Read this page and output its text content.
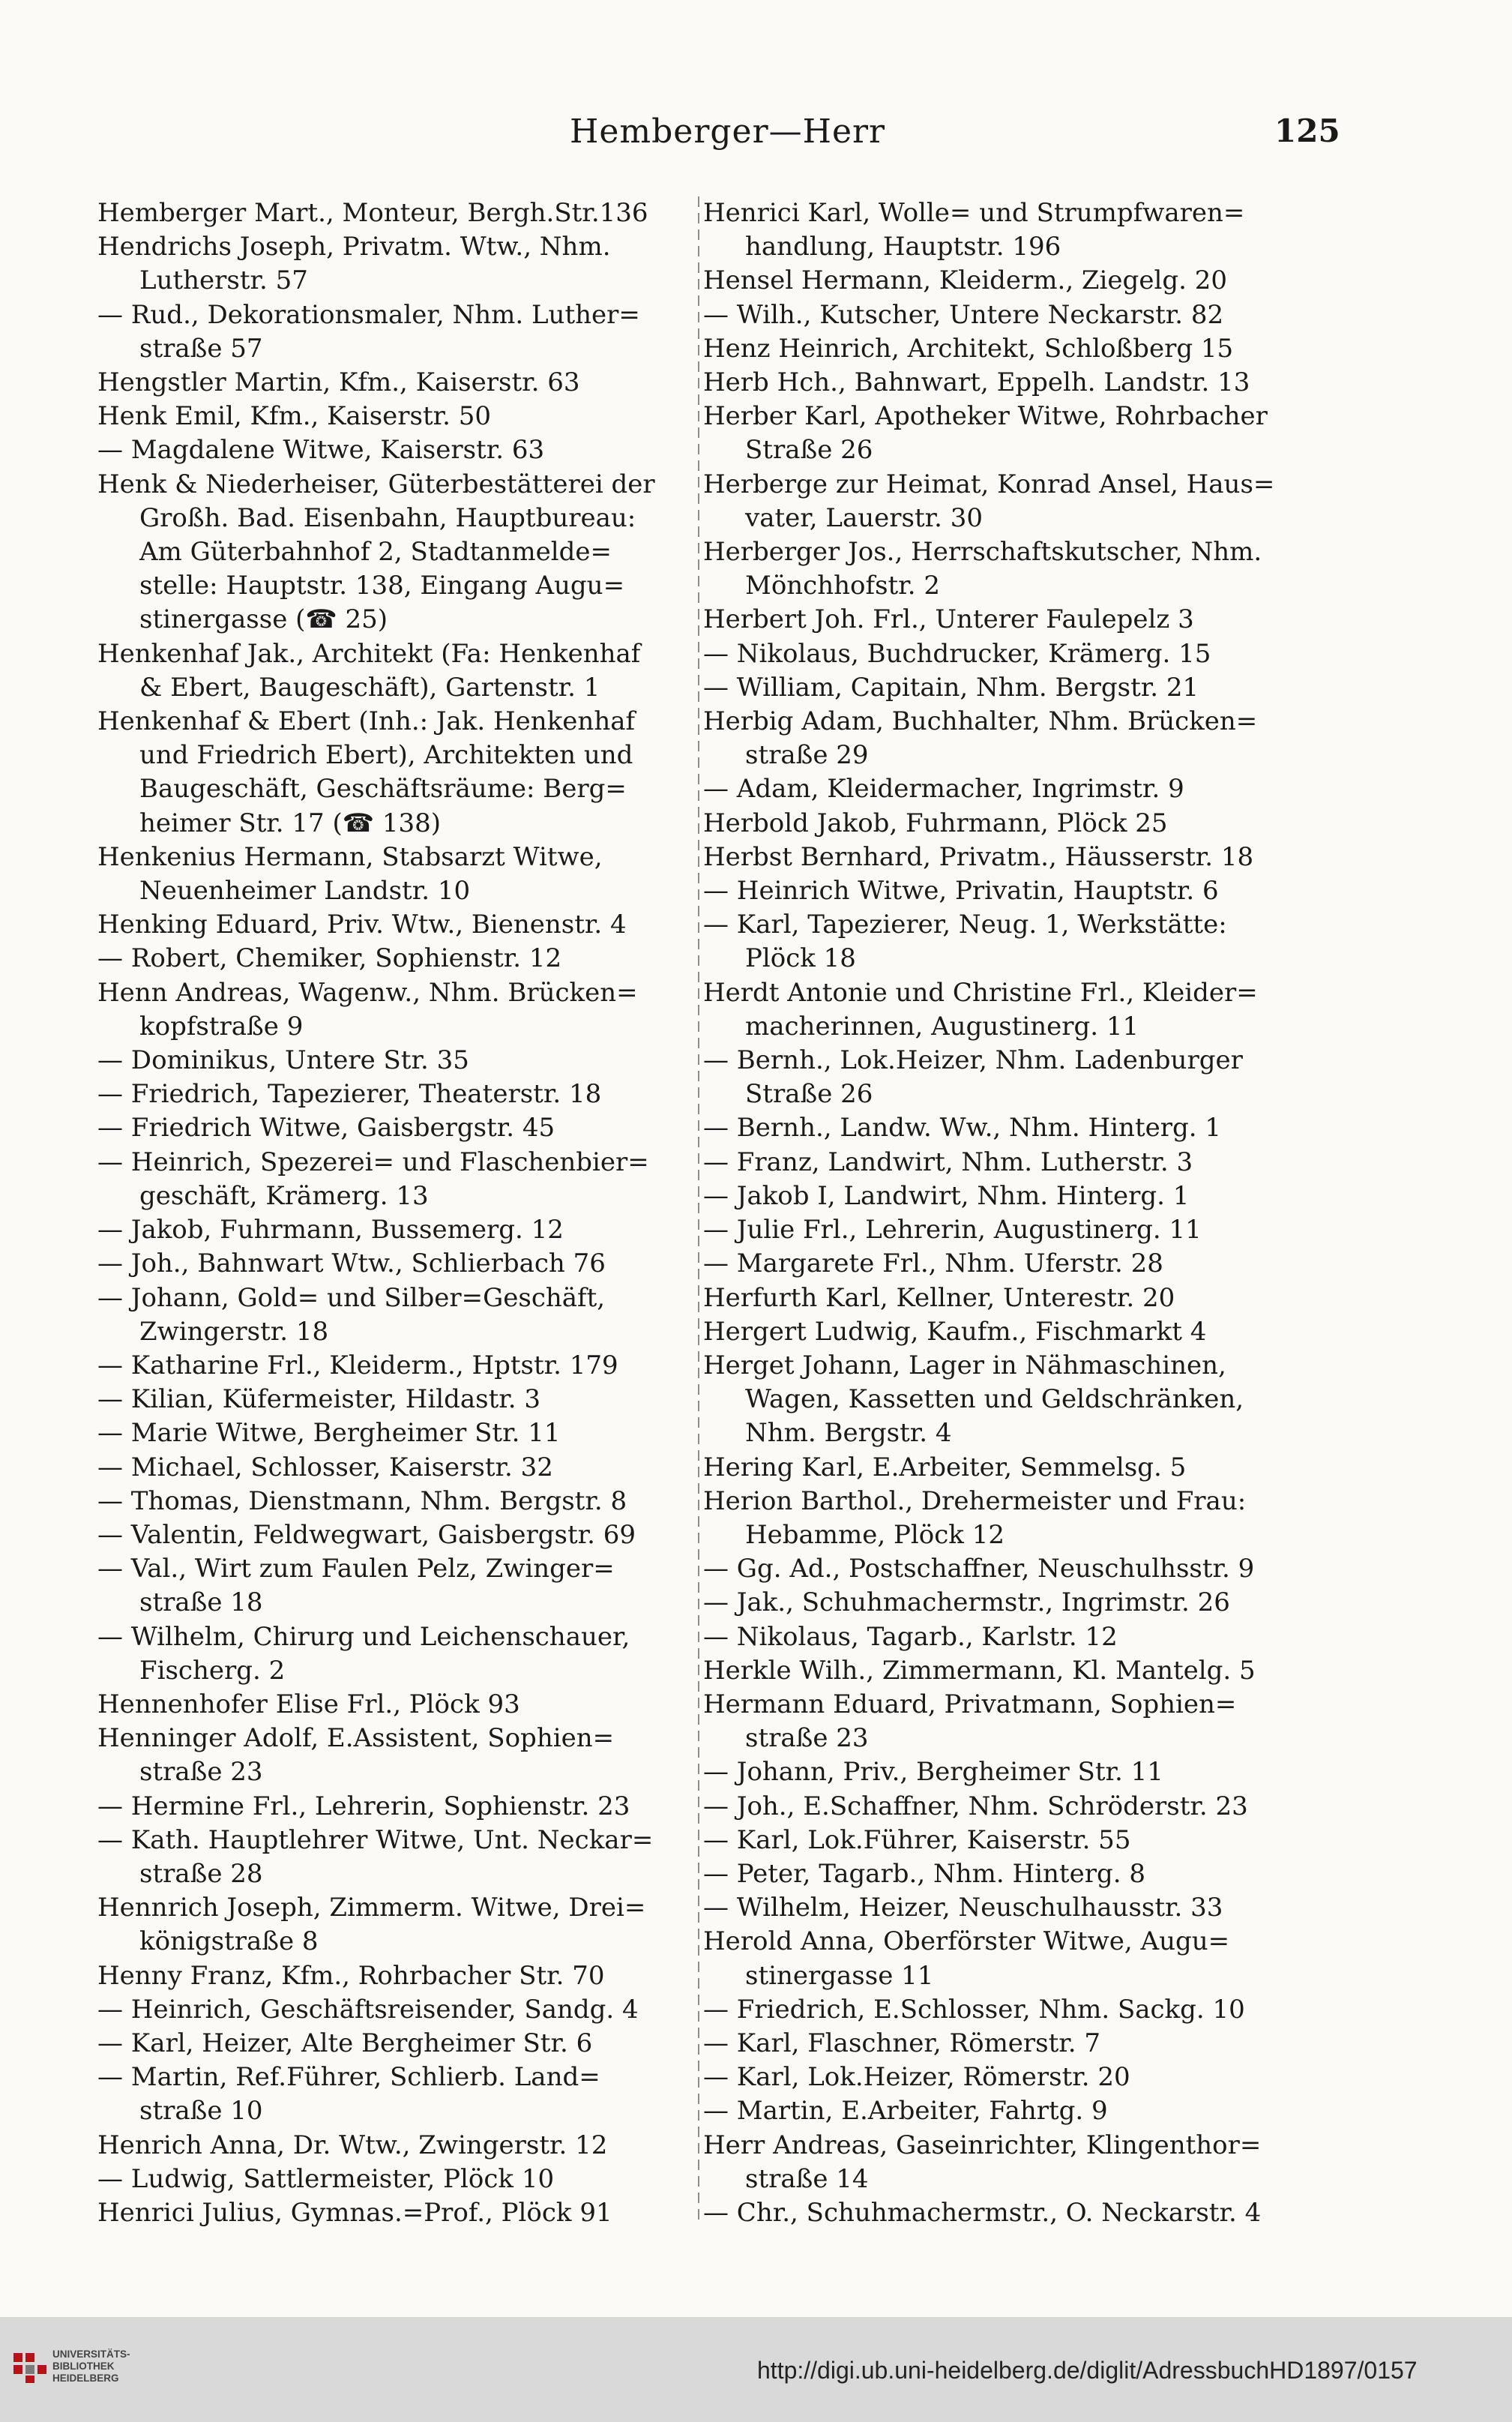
Hemberger—Herr	125
Hemberger Mart., Monteur, Bergh.Str.136
Hendrichs Joseph, Privatm. Wtw., Nhm.
Lutherstr. 57
— Rud., Dekorationsmaler, Nhm. Luther=
straße 57
Hengstler Martin, Kfm., Kaiserstr. 63
Henk Emil, Kfm., Kaiserstr. 50
— Magdalene Witwe, Kaiserstr. 63
Henk & Niederheiser, Güterbestätterei der
Großh. Bad. Eisenbahn, Hauptbureau:
Am Güterbahnhof 2, Stadtanmelde=
stelle: Hauptstr. 138, Eingang Augu=
stinergasse (☎ 25)
Henkenhaf Jak., Architekt (Fa: Henkenhaf
& Ebert, Baugeschäft), Gartenstr. 1
Henkenhaf & Ebert (Inh.: Jak. Henkenhaf
und Friedrich Ebert), Architekten und
Baugeschäft, Geschäftsräume: Berg=
heimer Str. 17 (☎ 138)
Henkenius Hermann, Stabsarzt Witwe,
Neuenheimer Landstr. 10
Henking Eduard, Priv. Wtw., Bienenstr. 4
— Robert, Chemiker, Sophienstr. 12
Henn Andreas, Wagenw., Nhm. Brücken=
kopfstraße 9
— Dominikus, Untere Str. 35
— Friedrich, Tapezierer, Theaterstr. 18
— Friedrich Witwe, Gaisbergstr. 45
— Heinrich, Spezerei= und Flaschenbier=
geschäft, Krämerg. 13
— Jakob, Fuhrmann, Bussemerg. 12
— Joh., Bahnwart Wtw., Schlierbach 76
— Johann, Gold= und Silber=Geschäft,
Zwingerstr. 18
— Katharine Frl., Kleiderm., Hptstr. 179
— Kilian, Küfermeister, Hildastr. 3
— Marie Witwe, Bergheimer Str. 11
— Michael, Schlosser, Kaiserstr. 32
— Thomas, Dienstmann, Nhm. Bergstr. 8
— Valentin, Feldwegwart, Gaisbergstr. 69
— Val., Wirt zum Faulen Pelz, Zwinger=
straße 18
— Wilhelm, Chirurg und Leichenschauer,
Fischerg. 2
Hennenhofer Elise Frl., Plöck 93
Henninger Adolf, E.Assistent, Sophien=
straße 23
— Hermine Frl., Lehrerin, Sophienstr. 23
— Kath. Hauptlehrer Witwe, Unt. Neckar=
straße 28
Hennrich Joseph, Zimmerm. Witwe, Drei=
königstraße 8
Henny Franz, Kfm., Rohrbacher Str. 70
— Heinrich, Geschäftsreisender, Sandg. 4
— Karl, Heizer, Alte Bergheimer Str. 6
— Martin, Ref.Führer, Schlierb. Land=
straße 10
Henrich Anna, Dr. Wtw., Zwingerstr. 12
— Ludwig, Sattlermeister, Plöck 10
Henrici Julius, Gymnas.=Prof., Plöck 91
Henrici Karl, Wolle= und Strumpfwaren=
handlung, Hauptstr. 196
Hensel Hermann, Kleiderm., Ziegelg. 20
— Wilh., Kutscher, Untere Neckarstr. 82
Henz Heinrich, Architekt, Schloßberg 15
Herb Hch., Bahnwart, Eppelh. Landstr. 13
Herber Karl, Apotheker Witwe, Rohrbacher
Straße 26
Herberge zur Heimat, Konrad Ansel, Haus=
vater, Lauerstr. 30
Herberger Jos., Herrschaftskutscher, Nhm.
Mönchhofstr. 2
Herbert Joh. Frl., Unterer Faulepelz 3
— Nikolaus, Buchdrucker, Krämerg. 15
— William, Capitain, Nhm. Bergstr. 21
Herbig Adam, Buchhalter, Nhm. Brücken=
straße 29
— Adam, Kleidermacher, Ingrimstr. 9
Herbold Jakob, Fuhrmann, Plöck 25
Herbst Bernhard, Privatm., Häusserstr. 18
— Heinrich Witwe, Privatin, Hauptstr. 6
— Karl, Tapezierer, Neug. 1, Werkstätte:
Plöck 18
Herdt Antonie und Christine Frl., Kleider=
macherinnen, Augustinerg. 11
— Bernh., Lok.Heizer, Nhm. Ladenburger
Straße 26
— Bernh., Landw. Ww., Nhm. Hinterg. 1
— Franz, Landwirt, Nhm. Lutherstr. 3
— Jakob I, Landwirt, Nhm. Hinterg. 1
— Julie Frl., Lehrerin, Augustinerg. 11
— Margarete Frl., Nhm. Uferstr. 28
Herfurth Karl, Kellner, Unterestr. 20
Hergert Ludwig, Kaufm., Fischmarkt 4
Herget Johann, Lager in Nähmaschinen,
Wagen, Kassetten und Geldschränken,
Nhm. Bergstr. 4
Hering Karl, E.Arbeiter, Semmelsg. 5
Herion Barthol., Drehermeister und Frau:
Hebamme, Plöck 12
— Gg. Ad., Postschaffner, Neuschulhsstr. 9
— Jak., Schuhmachermstr., Ingrimstr. 26
— Nikolaus, Tagarb., Karlstr. 12
Herkle Wilh., Zimmermann, Kl. Mantelg. 5
Hermann Eduard, Privatmann, Sophien=
straße 23
— Johann, Priv., Bergheimer Str. 11
— Joh., E.Schaffner, Nhm. Schröderstr. 23
— Karl, Lok.Führer, Kaiserstr. 55
— Peter, Tagarb., Nhm. Hinterg. 8
— Wilhelm, Heizer, Neuschulhausstr. 33
Herold Anna, Oberförster Witwe, Augu=
stinergasse 11
— Friedrich, E.Schlosser, Nhm. Sackg. 10
— Karl, Flaschner, Römerstr. 7
— Karl, Lok.Heizer, Römerstr. 20
— Martin, E.Arbeiter, Fahrtg. 9
Herr Andreas, Gaseinrichter, Klingenthor=
straße 14
— Chr., Schuhmachermstr., O. Neckarstr. 4
UNIVERSITÄTS-
BIBLIOTHEK
HEIDELBERG	http://digi.ub.uni-heidelberg.de/diglit/AdressbuchHD1897/0157
